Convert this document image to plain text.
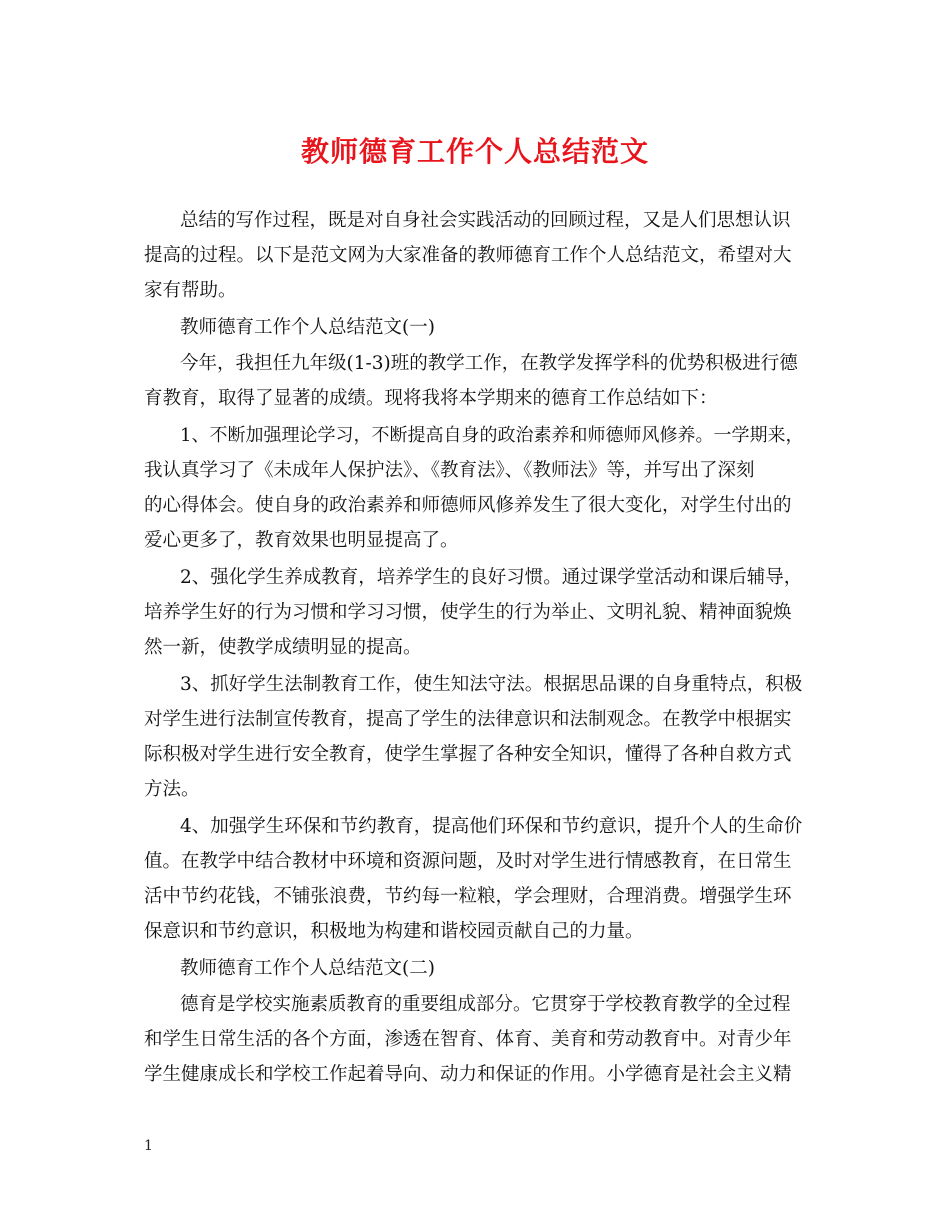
教师德育工作个人总结范文
总结的写作过程，既是对自身社会实践活动的回顾过程，又是人们思想认识
提高的过程。以下是范文网为大家准备的教师德育工作个人总结范文，希望对大
家有帮助。
教师德育工作个人总结范文(一)
今年，我担任九年级(1-3)班的教学工作，在教学发挥学科的优势积极进行德
育教育，取得了显著的成绩。现将我将本学期来的德育工作总结如下：
1、不断加强理论学习，不断提高自身的政治素养和师德师风修养。一学期来，
我认真学习了《未成年人保护法》、《教育法》、《教师法》等，并写出了深刻
的心得体会。使自身的政治素养和师德师风修养发生了很大变化，对学生付出的
爱心更多了，教育效果也明显提高了。
2、强化学生养成教育，培养学生的良好习惯。通过课学堂活动和课后辅导，
培养学生好的行为习惯和学习习惯，使学生的行为举止、文明礼貌、精神面貌焕
然一新，使教学成绩明显的提高。
3、抓好学生法制教育工作，使生知法守法。根据思品课的自身重特点，积极
对学生进行法制宣传教育，提高了学生的法律意识和法制观念。在教学中根据实
际积极对学生进行安全教育，使学生掌握了各种安全知识，懂得了各种自救方式
方法。
4、加强学生环保和节约教育，提高他们环保和节约意识，提升个人的生命价
值。在教学中结合教材中环境和资源问题，及时对学生进行情感教育，在日常生
活中节约花钱，不铺张浪费，节约每一粒粮，学会理财，合理消费。增强学生环
保意识和节约意识，积极地为构建和谐校园贡献自己的力量。
教师德育工作个人总结范文(二)
德育是学校实施素质教育的重要组成部分。它贯穿于学校教育教学的全过程
和学生日常生活的各个方面，渗透在智育、体育、美育和劳动教育中。对青少年
学生健康成长和学校工作起着导向、动力和保证的作用。小学德育是社会主义精
1
